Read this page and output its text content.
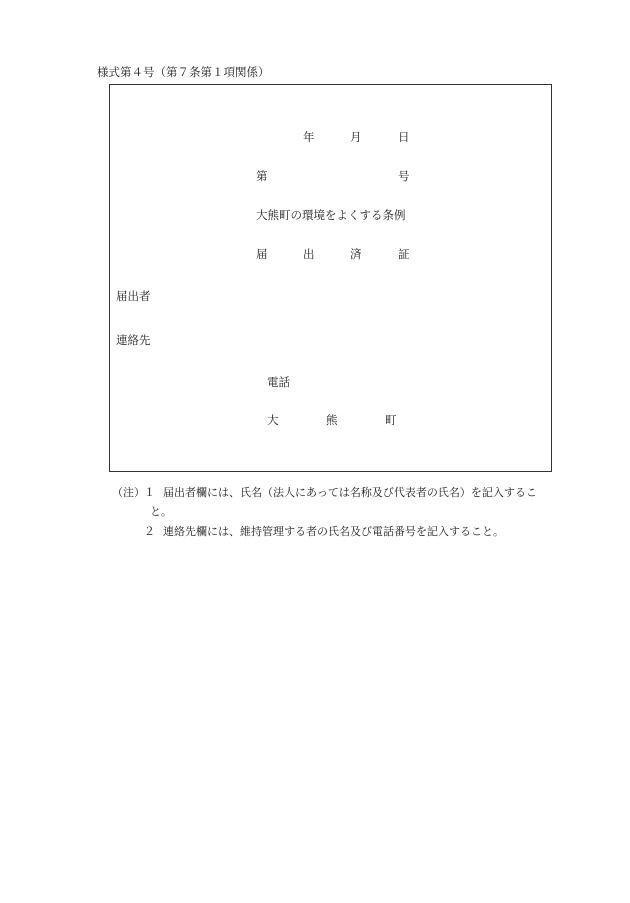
様式第４号（第７条第１項関係）
年	月	日
第	号
大熊町の環境をよくする条例
届	出	済	証
届出者
連絡先
電話
大	熊	町
（注） １ 届出者欄には、氏名（法人にあっては名称及び代表者の氏名）を記入するこ
と。
２ 連絡先欄には、維持管理する者の氏名及び電話番号を記入すること。
